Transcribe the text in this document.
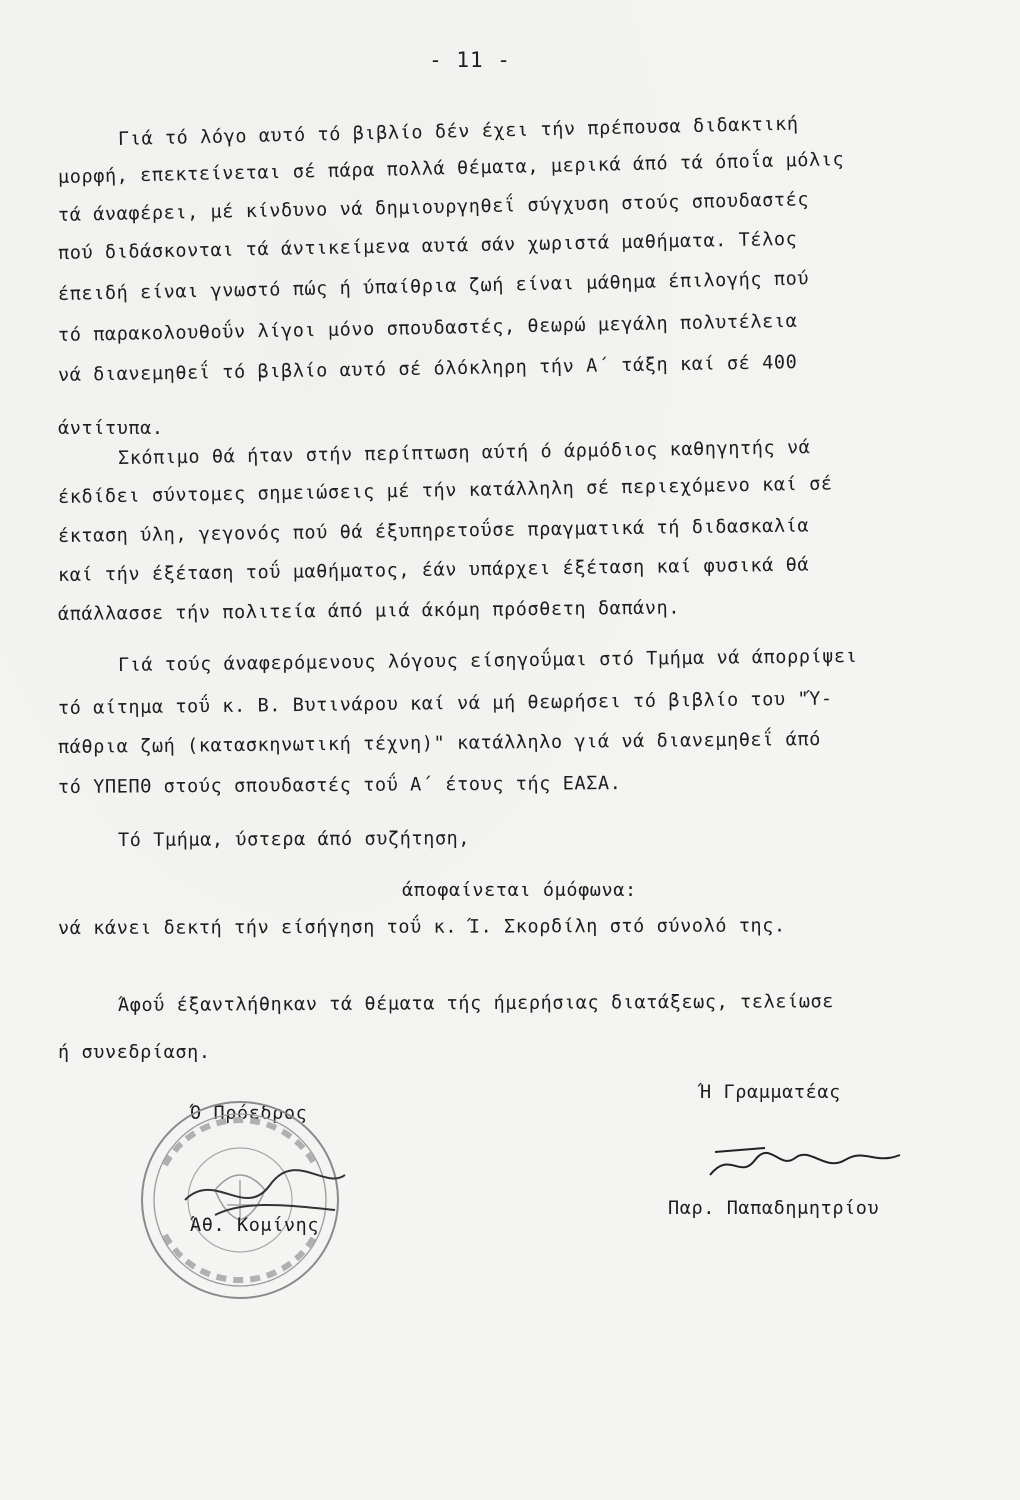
- 11 -
Γιά τό λόγο αυτό τό βιβλίο δέν έχει τήν πρέπουσα διδακτική
μορφή, επεκτείνεται σέ πάρα πολλά θέματα, μερικά άπό τά όποΐα μόλις
τά άναφέρει, μέ κίνδυνο νά δημιουργηθεΐ σύγχυση στούς σπουδαστές
πού διδάσκονται τά άντικείμενα αυτά σάν χωριστά μαθήματα. Τέλος
έπειδή είναι γνωστό πώς ή ύπαίθρια ζωή είναι μάθημα έπιλογής πού
τό παρακολουθοΰν λίγοι μόνο σπουδαστές, θεωρώ μεγάλη πολυτέλεια
νά διανεμηθεΐ τό βιβλίο αυτό σέ όλόκληρη τήν Α΄ τάξη καί σέ 400
άντίτυπα.
Σκόπιμο θά ήταν στήν περίπτωση αύτή ό άρμόδιος καθηγητής νά
έκδίδει σύντομες σημειώσεις μέ τήν κατάλληλη σέ περιεχόμενο καί σέ
έκταση ύλη, γεγονός πού θά έξυπηρετοΰσε πραγματικά τή διδασκαλία
καί τήν έξέταση τοΰ μαθήματος, έάν υπάρχει έξέταση καί φυσικά θά
άπάλλασσε τήν πολιτεία άπό μιά άκόμη πρόσθετη δαπάνη.
Γιά τούς άναφερόμενους λόγους είσηγοΰμαι στό Τμήμα νά άπορρίψει
τό αίτημα τοΰ κ. Β. Βυτινάρου καί νά μή θεωρήσει τό βιβλίο του "Ύ-
πάθρια ζωή (κατασκηνωτική τέχνη)" κατάλληλο γιά νά διανεμηθεΐ άπό
τό ΥΠΕΠΘ στούς σπουδαστές τοΰ Α΄ έτους τής ΕΑΣΑ.
Τό Τμήμα, ύστερα άπό συζήτηση,
άποφαίνεται όμόφωνα:
νά κάνει δεκτή τήν είσήγηση τοΰ κ. Ί. Σκορδίλη στό σύνολό της.
Άφοΰ έξαντλήθηκαν τά θέματα τής ήμερήσιας διατάξεως, τελείωσε
ή συνεδρίαση.
Ό Πρόεδρος
Ή Γραμματέας
Άθ. Κομίνης
Παρ. Παπαδημητρίου
